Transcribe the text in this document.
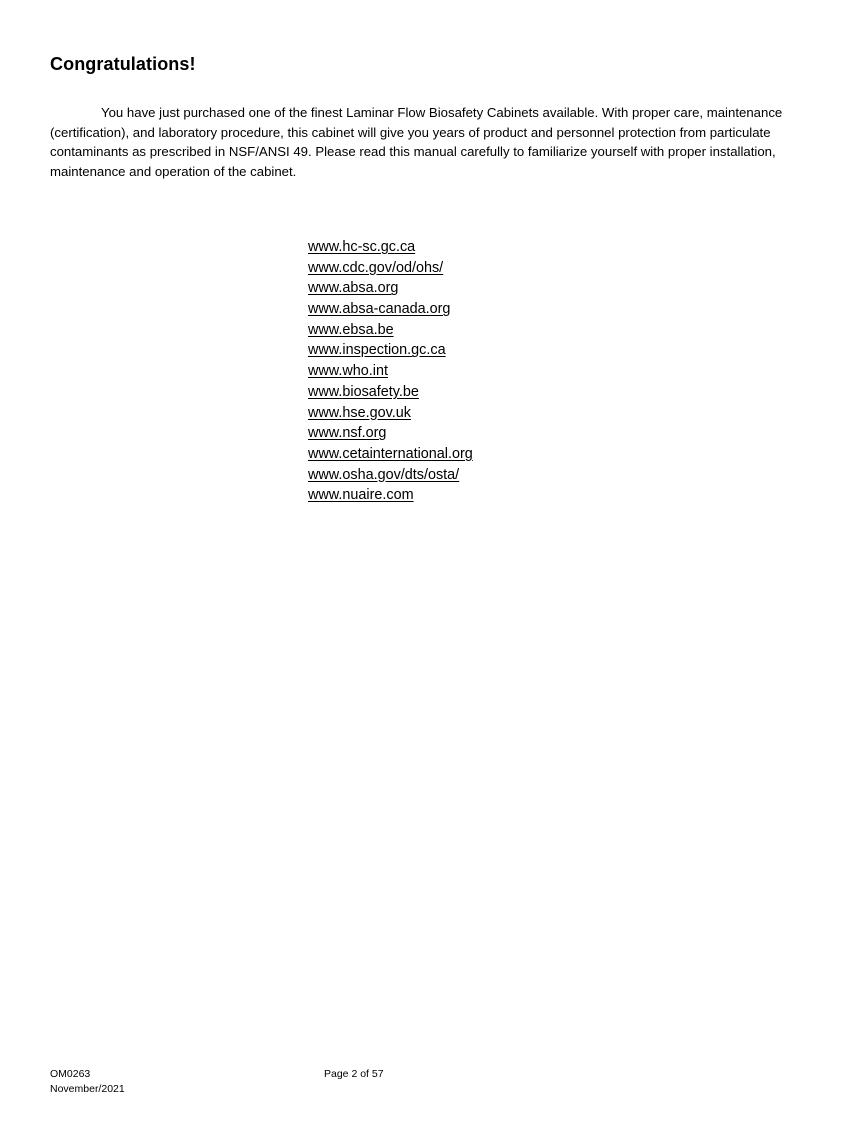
Congratulations!

You have just purchased one of the finest Laminar Flow Biosafety Cabinets available. With proper care, maintenance (certification), and laboratory procedure, this cabinet will give you years of product and personnel protection from particulate contaminants as prescribed in NSF/ANSI 49. Please read this manual carefully to familiarize yourself with proper installation, maintenance and operation of the cabinet.

www.hc-sc.gc.ca
www.cdc.gov/od/ohs/
www.absa.org
www.absa-canada.org
www.ebsa.be
www.inspection.gc.ca
www.who.int
www.biosafety.be
www.hse.gov.uk
www.nsf.org
www.cetainternational.org
www.osha.gov/dts/osta/
www.nuaire.com
OM0263
November/2021
Page 2 of 57
